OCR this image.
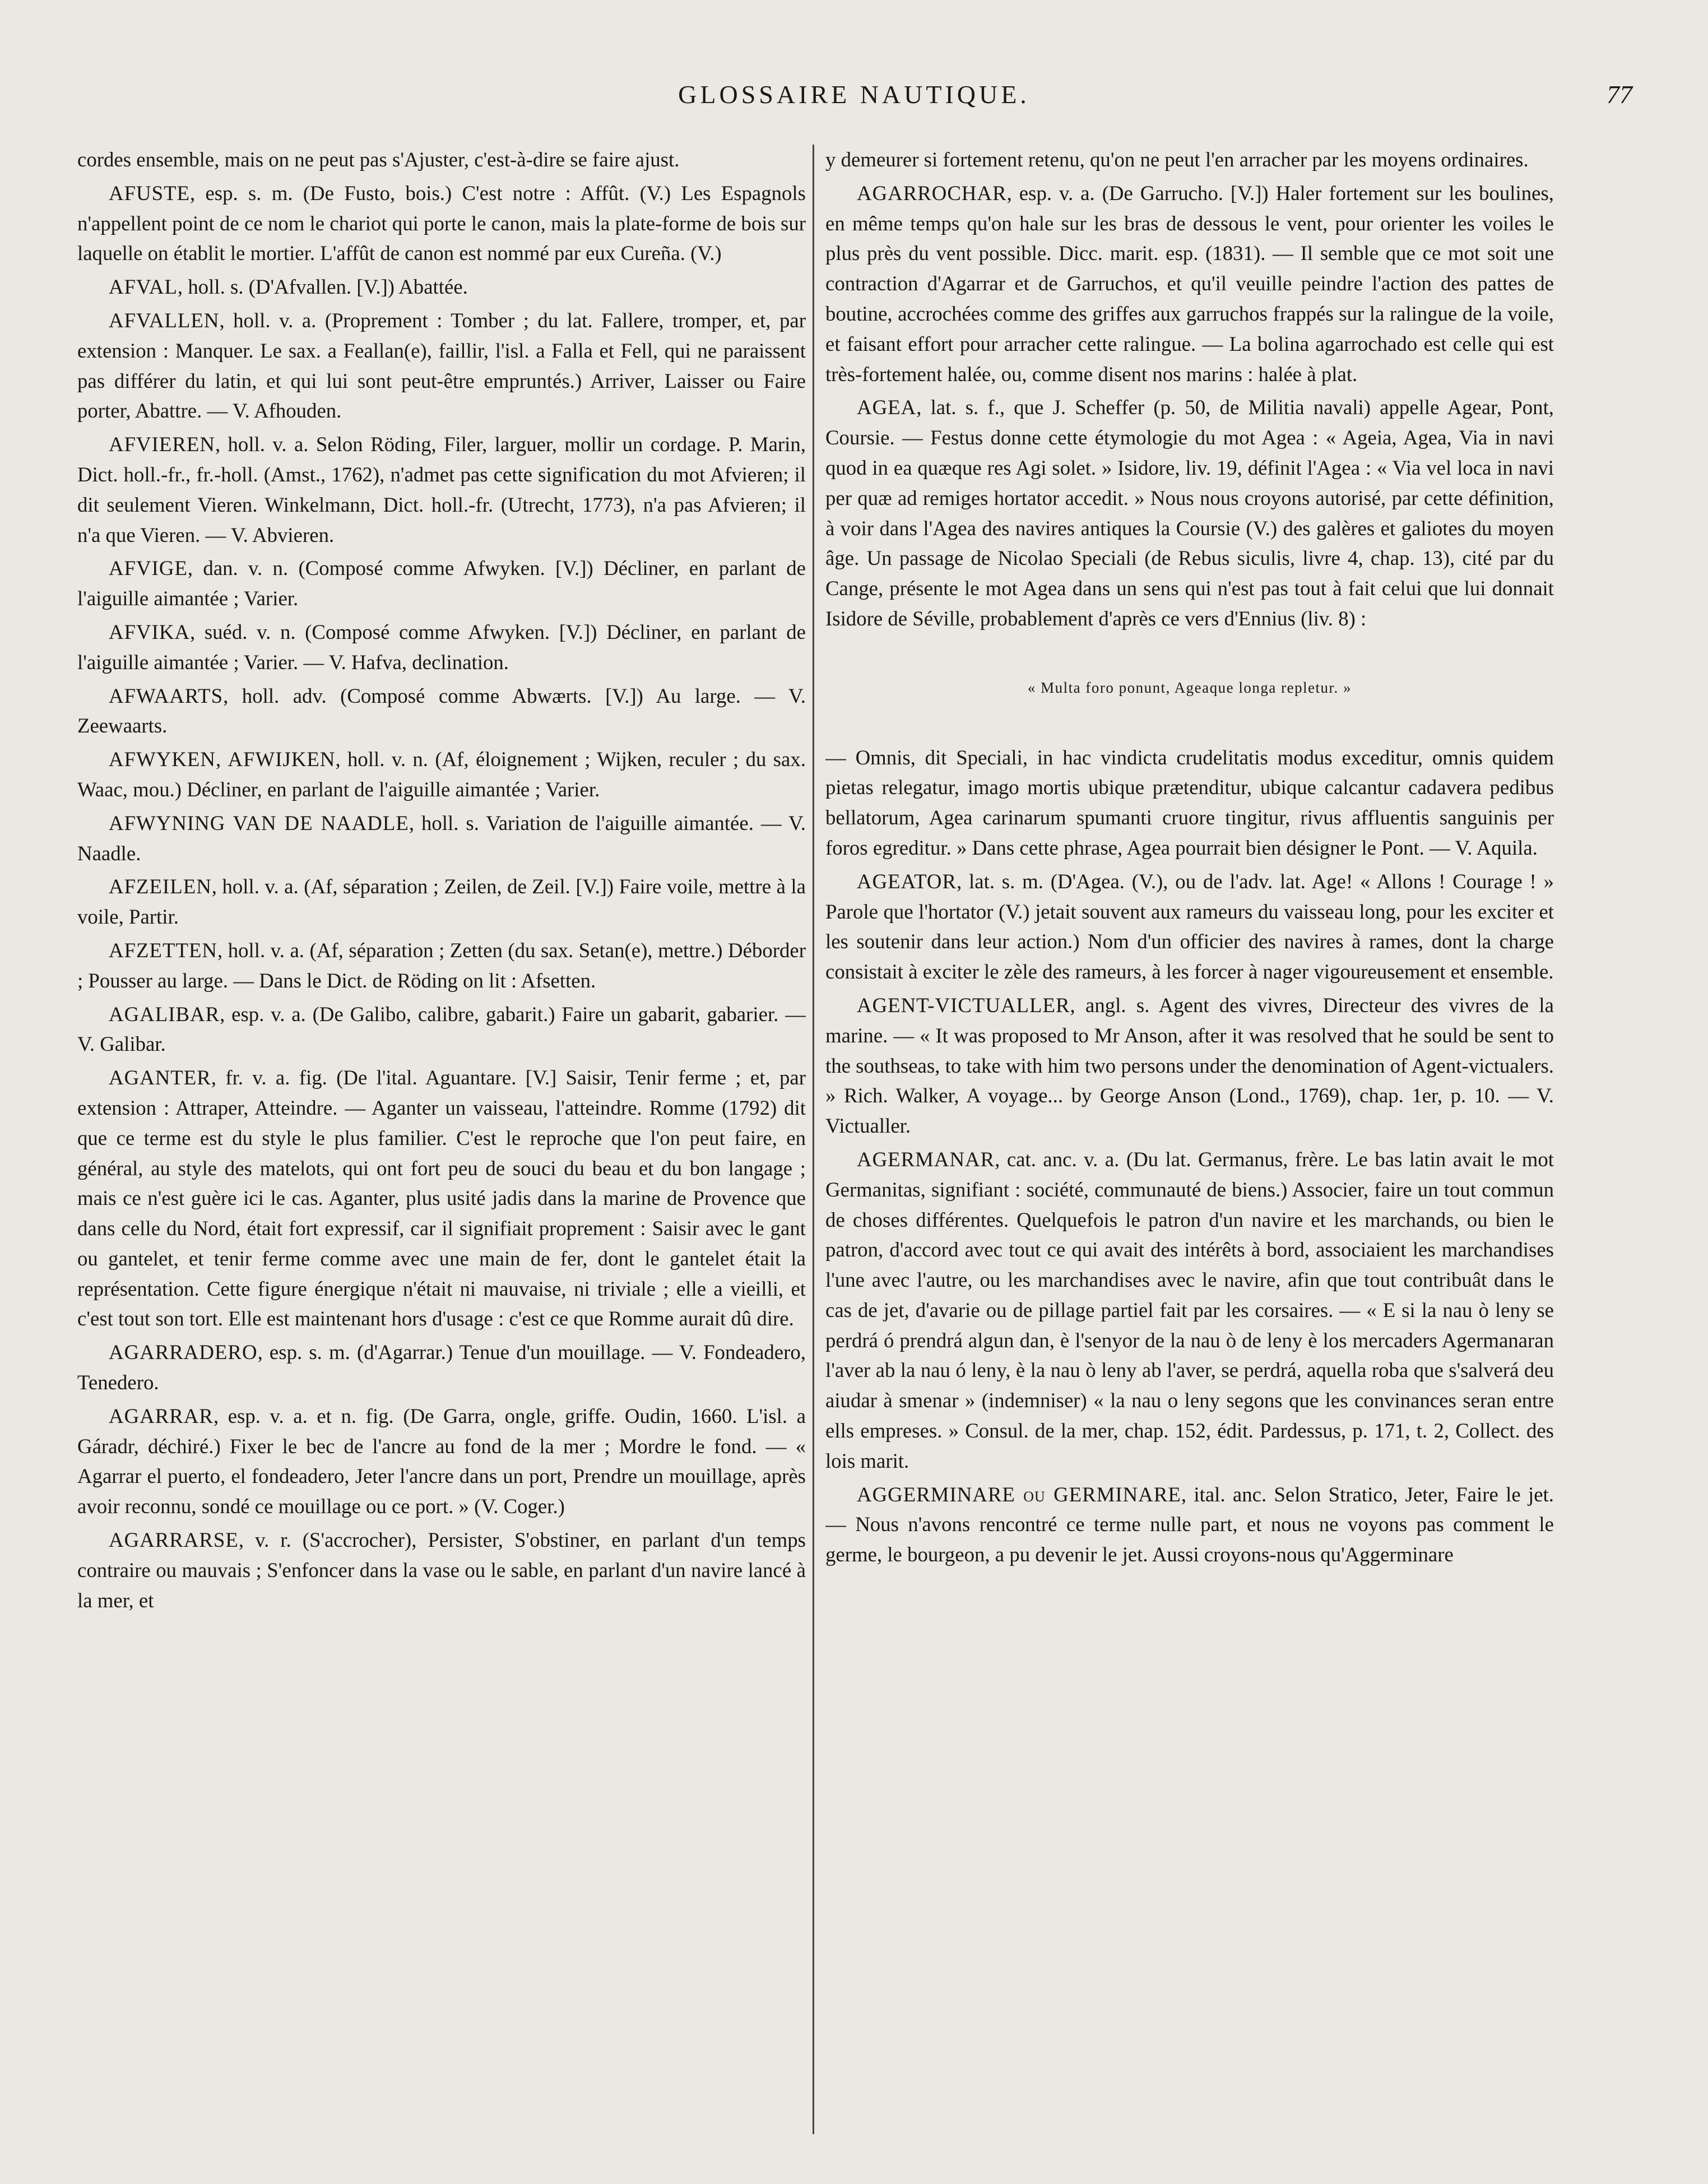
GLOSSAIRE NAUTIQUE.	77

cordes ensemble, mais on ne peut pas s'Ajuster, c'est-à-dire se faire ajust.

AFUSTE, esp. s. m. (De Fusto, bois.) C'est notre : Affût. (V.) Les Espagnols n'appellent point de ce nom le chariot qui porte le canon, mais la plate-forme de bois sur laquelle on établit le mortier. L'affût de canon est nommé par eux Cureña. (V.)

AFVAL, holl. s. (D'Afvallen. [V.]) Abattée.

AFVALLEN, holl. v. a. (Proprement : Tomber ; du lat. Fallere, tromper, et, par extension : Manquer. Le sax. a Feallan(e), faillir, l'isl. a Falla et Fell, qui ne paraissent pas différer du latin, et qui lui sont peut-être empruntés.) Arriver, Laisser ou Faire porter, Abattre. — V. Afhouden.

AFVIEREN, holl. v. a. Selon Röding, Filer, larguer, mollir un cordage. P. Marin, Dict. holl.-fr., fr.-holl. (Amst., 1762), n'admet pas cette signification du mot Afvieren; il dit seulement Vieren. Winkelmann, Dict. holl.-fr. (Utrecht, 1773), n'a pas Afvieren; il n'a que Vieren. — V. Abvieren.

AFVIGE, dan. v. n. (Composé comme Afwyken. [V.]) Décliner, en parlant de l'aiguille aimantée ; Varier.

AFVIKA, suéd. v. n. (Composé comme Afwyken. [V.]) Décliner, en parlant de l'aiguille aimantée ; Varier. — V. Hafva, declination.

AFWAARTS, holl. adv. (Composé comme Abwærts. [V.]) Au large. — V. Zeewaarts.

AFWYKEN, AFWIJKEN, holl. v. n. (Af, éloignement ; Wijken, reculer ; du sax. Waac, mou.) Décliner, en parlant de l'aiguille aimantée ; Varier.

AFWYNING VAN DE NAADLE, holl. s. Variation de l'aiguille aimantée. — V. Naadle.

AFZEILEN, holl. v. a. (Af, séparation ; Zeilen, de Zeil. [V.]) Faire voile, mettre à la voile, Partir.

AFZETTEN, holl. v. a. (Af, séparation ; Zetten (du sax. Setan(e), mettre.) Déborder ; Pousser au large. — Dans le Dict. de Röding on lit : Afsetten.

AGALIBAR, esp. v. a. (De Galibo, calibre, gabarit.) Faire un gabarit, gabarier. — V. Galibar.

AGANTER, fr. v. a. fig. (De l'ital. Aguantare. [V.] Saisir, Tenir ferme ; et, par extension : Attraper, Atteindre. — Aganter un vaisseau, l'atteindre. Romme (1792) dit que ce terme est du style le plus familier. C'est le reproche que l'on peut faire, en général, au style des matelots, qui ont fort peu de souci du beau et du bon langage ; mais ce n'est guère ici le cas. Aganter, plus usité jadis dans la marine de Provence que dans celle du Nord, était fort expressif, car il signifiait proprement : Saisir avec le gant ou gantelet, et tenir ferme comme avec une main de fer, dont le gantelet était la représentation. Cette figure énergique n'était ni mauvaise, ni triviale ; elle a vieilli, et c'est tout son tort. Elle est maintenant hors d'usage : c'est ce que Romme aurait dû dire.

AGARRADERO, esp. s. m. (d'Agarrar.) Tenue d'un mouillage. — V. Fondeadero, Tenedero.

AGARRAR, esp. v. a. et n. fig. (De Garra, ongle, griffe. Oudin, 1660. L'isl. a Gáradr, déchiré.) Fixer le bec de l'ancre au fond de la mer ; Mordre le fond. — « Agarrar el puerto, el fondeadero, Jeter l'ancre dans un port, Prendre un mouillage, après avoir reconnu, sondé ce mouillage ou ce port. » (V. Coger.)

AGARRARSE, v. r. (S'accrocher), Persister, S'obstiner, en parlant d'un temps contraire ou mauvais ; S'enfoncer dans la vase ou le sable, en parlant d'un navire lancé à la mer, et

y demeurer si fortement retenu, qu'on ne peut l'en arracher par les moyens ordinaires.

AGARROCHAR, esp. v. a. (De Garrucho. [V.]) Haler fortement sur les boulines, en même temps qu'on hale sur les bras de dessous le vent, pour orienter les voiles le plus près du vent possible. Dicc. marit. esp. (1831). — Il semble que ce mot soit une contraction d'Agarrar et de Garruchos, et qu'il veuille peindre l'action des pattes de boutine, accrochées comme des griffes aux garruchos frappés sur la ralingue de la voile, et faisant effort pour arracher cette ralingue. — La bolina agarrochado est celle qui est très-fortement halée, ou, comme disent nos marins : halée à plat.

AGEA, lat. s. f., que J. Scheffer (p. 50, de Militia navali) appelle Agear, Pont, Coursie. — Festus donne cette étymologie du mot Agea : « Ageia, Agea, Via in navi quod in ea quæque res Agi solet. » Isidore, liv. 19, définit l'Agea : « Via vel loca in navi per quæ ad remiges hortator accedit. » Nous nous croyons autorisé, par cette définition, à voir dans l'Agea des navires antiques la Coursie (V.) des galères et galiotes du moyen âge. Un passage de Nicolao Speciali (de Rebus siculis, livre 4, chap. 13), cité par du Cange, présente le mot Agea dans un sens qui n'est pas tout à fait celui que lui donnait Isidore de Séville, probablement d'après ce vers d'Ennius (liv. 8) :

« Multa foro ponunt, Ageaque longa repletur. »

— Omnis, dit Speciali, in hac vindicta crudelitatis modus exceditur, omnis quidem pietas relegatur, imago mortis ubique prætenditur, ubique calcantur cadavera pedibus bellatorum, Agea carinarum spumanti cruore tingitur, rivus affluentis sanguinis per foros egreditur. » Dans cette phrase, Agea pourrait bien désigner le Pont. — V. Aquila.

AGEATOR, lat. s. m. (D'Agea. (V.), ou de l'adv. lat. Age! « Allons ! Courage ! » Parole que l'hortator (V.) jetait souvent aux rameurs du vaisseau long, pour les exciter et les soutenir dans leur action.) Nom d'un officier des navires à rames, dont la charge consistait à exciter le zèle des rameurs, à les forcer à nager vigoureusement et ensemble.

AGENT-VICTUALLER, angl. s. Agent des vivres, Directeur des vivres de la marine. — « It was proposed to Mr Anson, after it was resolved that he sould be sent to the southseas, to take with him two persons under the denomination of Agent-victualers. » Rich. Walker, A voyage... by George Anson (Lond., 1769), chap. 1er, p. 10. — V. Victualler.

AGERMANAR, cat. anc. v. a. (Du lat. Germanus, frère. Le bas latin avait le mot Germanitas, signifiant : société, communauté de biens.) Associer, faire un tout commun de choses différentes. Quelquefois le patron d'un navire et les marchands, ou bien le patron, d'accord avec tout ce qui avait des intérêts à bord, associaient les marchandises l'une avec l'autre, ou les marchandises avec le navire, afin que tout contribuât dans le cas de jet, d'avarie ou de pillage partiel fait par les corsaires. — « E si la nau ò leny se perdrá ó prendrá algun dan, è l'senyor de la nau ò de leny è los mercaders Agermanaran l'aver ab la nau ó leny, è la nau ò leny ab l'aver, se perdrá, aquella roba que s'salverá deu aiudar à smenar » (indemniser) « la nau o leny segons que les convinances seran entre ells empreses. » Consul. de la mer, chap. 152, édit. Pardessus, p. 171, t. 2, Collect. des lois marit.

AGGERMINARE ou GERMINARE, ital. anc. Selon Stratico, Jeter, Faire le jet. — Nous n'avons rencontré ce terme nulle part, et nous ne voyons pas comment le germe, le bourgeon, a pu devenir le jet. Aussi croyons-nous qu'Aggerminare
